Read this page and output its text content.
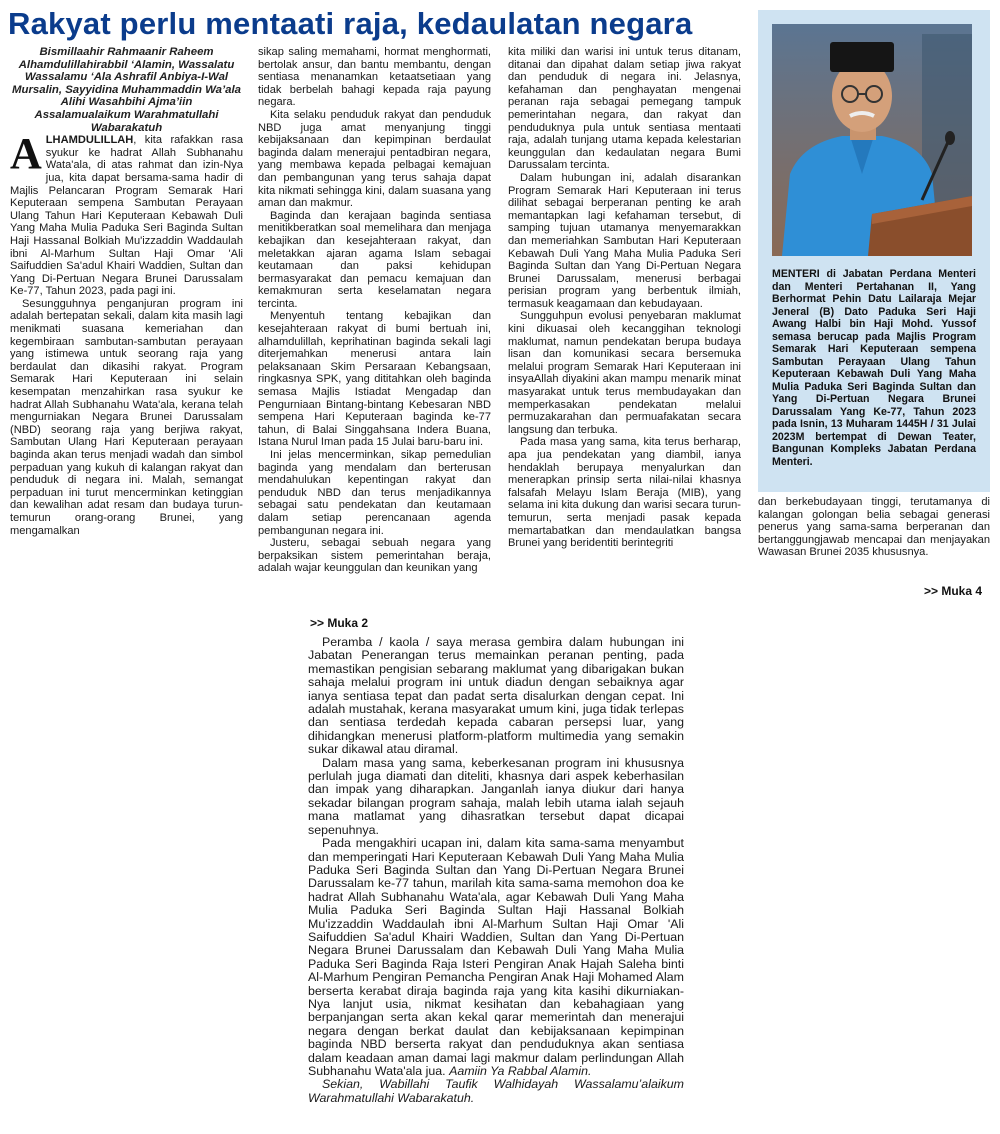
Rakyat perlu mentaati raja, kedaulatan negara

Bismillaahir Rahmaanir Raheem Alhamdulillahirabbil ‘Alamin, Wassalatu Wassalamu ‘Ala Ashrafil Anbiya-I-Wal Mursalin, Sayyidina Muhammaddin Wa’ala Alihi Wasahbihi Ajma’iin

Assalamualaikum Warahmatullahi Wabarakatuh

ALHAMDULILLAH, kita rafakkan rasa syukur ke hadrat Allah Subhanahu Wata'ala, di atas rahmat dan izin-Nya jua, kita dapat bersama-sama hadir di Majlis Pelancaran Program Semarak Hari Keputeraan sempena Sambutan Perayaan Ulang Tahun Hari Keputeraan Kebawah Duli Yang Maha Mulia Paduka Seri Baginda Sultan Haji Hassanal Bolkiah Mu'izzaddin Waddaulah ibni Al-Marhum Sultan Haji Omar 'Ali Saifuddien Sa'adul Khairi Waddien, Sultan dan Yang Di-Pertuan Negara Brunei Darussalam Ke-77, Tahun 2023, pada pagi ini.

Sesungguhnya penganjuran program ini adalah bertepatan sekali, dalam kita masih lagi menikmati suasana kemeriahan dan kegembiraan sambutan-sambutan perayaan yang istimewa untuk seorang raja yang berdaulat dan dikasihi rakyat. Program Semarak Hari Keputeraan ini selain kesempatan menzahirkan rasa syukur ke hadrat Allah Subhanahu Wata'ala, kerana telah mengurniakan Negara Brunei Darussalam (NBD) seorang raja yang berjiwa rakyat, Sambutan Ulang Hari Keputeraan perayaan baginda akan terus menjadi wadah dan simbol perpaduan yang kukuh di kalangan rakyat dan penduduk di negara ini. Malah, semangat perpaduan ini turut mencerminkan ketinggian dan kewalihan adat resam dan budaya turun-temurun orang-orang Brunei, yang mengamalkan

sikap saling memahami, hormat menghormati, bertolak ansur, dan bantu membantu, dengan sentiasa menanamkan ketaatsetiaan yang tidak berbelah bahagi kepada raja payung negara.

Kita selaku penduduk rakyat dan penduduk NBD juga amat menyanjung tinggi kebijaksanaan dan kepimpinan berdaulat baginda dalam menerajui pentadbiran negara, yang membawa kepada pelbagai kemajuan dan pembangunan yang terus sahaja dapat kita nikmati sehingga kini, dalam suasana yang aman dan makmur.

Baginda dan kerajaan baginda sentiasa menitikberatkan soal memelihara dan menjaga kebajikan dan kesejahteraan rakyat, dan meletakkan ajaran agama Islam sebagai keutamaan dan paksi kehidupan bermasyarakat dan pemacu kemajuan dan kemakmuran serta keselamatan negara tercinta.

Menyentuh tentang kebajikan dan kesejahteraan rakyat di bumi bertuah ini, alhamdulillah, keprihatinan baginda sekali lagi diterjemahkan menerusi antara lain pelaksanaan Skim Persaraan Kebangsaan, ringkasnya SPK, yang dititahkan oleh baginda semasa Majlis Istiadat Mengadap dan Pengurniaan Bintang-bintang Kebesaran NBD sempena Hari Keputeraan baginda ke-77 tahun, di Balai Singgahsana Indera Buana, Istana Nurul Iman pada 15 Julai baru-baru ini.

Ini jelas mencerminkan, sikap pemedulian baginda yang mendalam dan berterusan mendahulukan kepentingan rakyat dan penduduk NBD dan terus menjadikannya sebagai satu pendekatan dan keutamaan dalam setiap perencanaan agenda pembangunan negara ini.

Justeru, sebagai sebuah negara yang berpaksikan sistem pemerintahan beraja, adalah wajar keunggulan dan keunikan yang

kita miliki dan warisi ini untuk terus ditanam, ditanai dan dipahat dalam setiap jiwa rakyat dan penduduk di negara ini. Jelasnya, kefahaman dan penghayatan mengenai peranan raja sebagai pemegang tampuk pemerintahan negara, dan rakyat dan penduduknya pula untuk sentiasa mentaati raja, adalah tunjang utama kepada kelestarian keunggulan dan kedaulatan negara Bumi Darussalam tercinta.

Dalam hubungan ini, adalah disarankan Program Semarak Hari Keputeraan ini terus dilihat sebagai berperanan penting ke arah memantapkan lagi kefahaman tersebut, di samping tujuan utamanya menyemarakkan dan memeriahkan Sambutan Hari Keputeraan Kebawah Duli Yang Maha Mulia Paduka Seri Baginda Sultan dan Yang Di-Pertuan Negara Brunei Darussalam, menerusi berbagai perisian program yang berbentuk ilmiah, termasuk keagamaan dan kebudayaan.

Sungguhpun evolusi penyebaran maklumat kini dikuasai oleh kecanggihan teknologi maklumat, namun pendekatan berupa budaya lisan dan komunikasi secara bersemuka melalui program Semarak Hari Keputeraan ini insyaAllah diyakini akan mampu menarik minat masyarakat untuk terus membudayakan dan memperkasakan pendekatan melalui permuzakarahan dan permuafakatan secara langsung dan terbuka.

Pada masa yang sama, kita terus berharap, apa jua pendekatan yang diambil, ianya hendaklah berupaya menyalurkan dan menerapkan prinsip serta nilai-nilai khasnya falsafah Melayu Islam Beraja (MIB), yang selama ini kita dukung dan warisi secara turun-temurun, serta menjadi pasak kepada memartabatkan dan mendaulatkan bangsa Brunei yang beridentiti berintegriti

MENTERI di Jabatan Perdana Menteri dan Menteri Pertahanan II, Yang Berhormat Pehin Datu Lailaraja Mejar Jeneral (B) Dato Paduka Seri Haji Awang Halbi bin Haji Mohd. Yussof semasa berucap pada Majlis Program Semarak Hari Keputeraan sempena Sambutan Perayaan Ulang Tahun Keputeraan Kebawah Duli Yang Maha Mulia Paduka Seri Baginda Sultan dan Yang Di-Pertuan Negara Brunei Darussalam Yang Ke-77, Tahun 2023 pada Isnin, 13 Muharam 1445H / 31 Julai 2023M bertempat di Dewan Teater, Bangunan Kompleks Jabatan Perdana Menteri.

dan berkebudayaan tinggi, terutamanya di kalangan golongan belia sebagai generasi penerus yang sama-sama berperanan dan bertanggungjawab mencapai dan menjayakan Wawasan Brunei 2035 khususnya.

>> Muka 4
>> Muka 2

Peramba / kaola / saya merasa gembira dalam hubungan ini Jabatan Penerangan terus memainkan peranan penting, pada memastikan pengisian sebarang maklumat yang dibarigakan bukan sahaja melalui program ini untuk diadun dengan sebaiknya agar ianya sentiasa tepat dan padat serta disalurkan dengan cepat. Ini adalah mustahak, kerana masyarakat umum kini, juga tidak terlepas dan sentiasa terdedah kepada cabaran persepsi luar, yang dihidangkan menerusi platform-platform multimedia yang semakin sukar dikawal atau diramal.

Dalam masa yang sama, keberkesanan program ini khususnya perlulah juga diamati dan diteliti, khasnya dari aspek keberhasilan dan impak yang diharapkan. Janganlah ianya diukur dari hanya sekadar bilangan program sahaja, malah lebih utama ialah sejauh mana matlamat yang dihasratkan tersebut dapat dicapai sepenuhnya.

Pada mengakhiri ucapan ini, dalam kita sama-sama menyambut dan memperingati Hari Keputeraan Kebawah Duli Yang Maha Mulia Paduka Seri Baginda Sultan dan Yang Di-Pertuan Negara Brunei Darussalam ke-77 tahun, marilah kita sama-sama memohon doa ke hadrat Allah Subhanahu Wata'ala, agar Kebawah Duli Yang Maha Mulia Paduka Seri Baginda Sultan Haji Hassanal Bolkiah Mu'izzaddin Waddaulah ibni Al-Marhum Sultan Haji Omar 'Ali Saifuddien Sa'adul Khairi Waddien, Sultan dan Yang Di-Pertuan Negara Brunei Darussalam dan Kebawah Duli Yang Maha Mulia Paduka Seri Baginda Raja Isteri Pengiran Anak Hajah Saleha binti Al-Marhum Pengiran Pemancha Pengiran Anak Haji Mohamed Alam berserta kerabat diraja baginda raja yang kita kasihi dikurniakan-Nya lanjut usia, nikmat kesihatan dan kebahagiaan yang berpanjangan serta akan kekal qarar memerintah dan menerajui negara dengan berkat daulat dan kebijaksanaan kepimpinan baginda NBD berserta rakyat dan penduduknya akan sentiasa dalam keadaan aman damai lagi makmur dalam perlindungan Allah Subhanahu Wata'ala jua. Aamiin Ya Rabbal Alamin.

Sekian, Wabillahi Taufik Walhidayah Wassalamu’alaikum Warahmatullahi Wabarakatuh.
